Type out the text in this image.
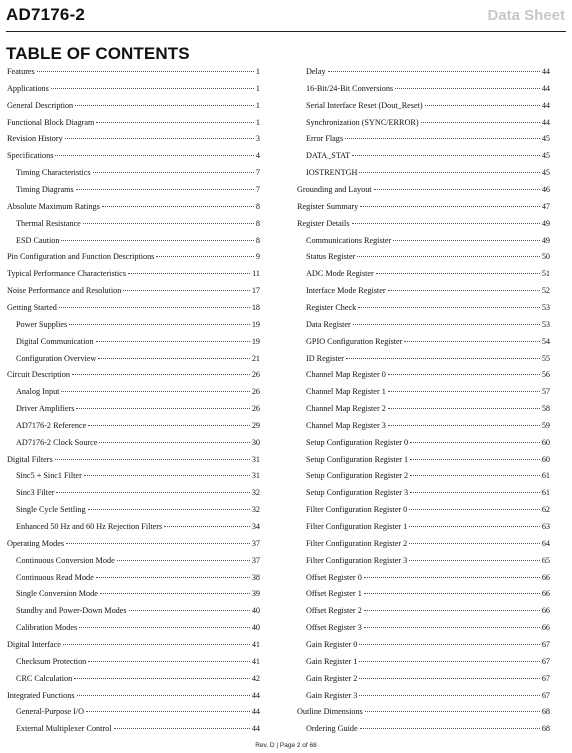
AD7176-2	Data Sheet
TABLE OF CONTENTS
Features	1
Applications	1
General Description	1
Functional Block Diagram	1
Revision History	3
Specifications	4
Timing Characteristics	7
Timing Diagrams	7
Absolute Maximum Ratings	8
Thermal Resistance	8
ESD Caution	8
Pin Configuration and Function Descriptions	9
Typical Performance Characteristics	11
Noise Performance and Resolution	17
Getting Started	18
Power Supplies	19
Digital Communication	19
Configuration Overview	21
Circuit Description	26
Analog Input	26
Driver Amplifiers	26
AD7176-2 Reference	29
AD7176-2 Clock Source	30
Digital Filters	31
Sinc5 + Sinc1 Filter	31
Sinc3 Filter	32
Single Cycle Settling	32
Enhanced 50 Hz and 60 Hz Rejection Filters	34
Operating Modes	37
Continuous Conversion Mode	37
Continuous Read Mode	38
Single Conversion Mode	39
Standby and Power-Down Modes	40
Calibration Modes	40
Digital Interface	41
Checksum Protection	41
CRC Calculation	42
Integrated Functions	44
General-Purpose I/O	44
External Multiplexer Control	44
Delay	44
16-Bit/24-Bit Conversions	44
Serial Interface Reset (Dout_Reset)	44
Synchronization (SYNC/ERROR)	44
Error Flags	45
DATA_STAT	45
IOSTRENTGH	45
Grounding and Layout	46
Register Summary	47
Register Details	49
Communications Register	49
Status Register	50
ADC Mode Register	51
Interface Mode Register	52
Register Check	53
Data Register	53
GPIO Configuration Register	54
ID Register	55
Channel Map Register 0	56
Channel Map Register 1	57
Channel Map Register 2	58
Channel Map Register 3	59
Setup Configuration Register 0	60
Setup Configuration Register 1	60
Setup Configuration Register 2	61
Setup Configuration Register 3	61
Filter Configuration Register 0	62
Filter Configuration Register 1	63
Filter Configuration Register 2	64
Filter Configuration Register 3	65
Offset Register 0	66
Offset Register 1	66
Offset Register 2	66
Offset Register 3	66
Gain Register 0	67
Gain Register 1	67
Gain Register 2	67
Gain Register 3	67
Outline Dimensions	68
Ordering Guide	68
Rev. D | Page 2 of 68
